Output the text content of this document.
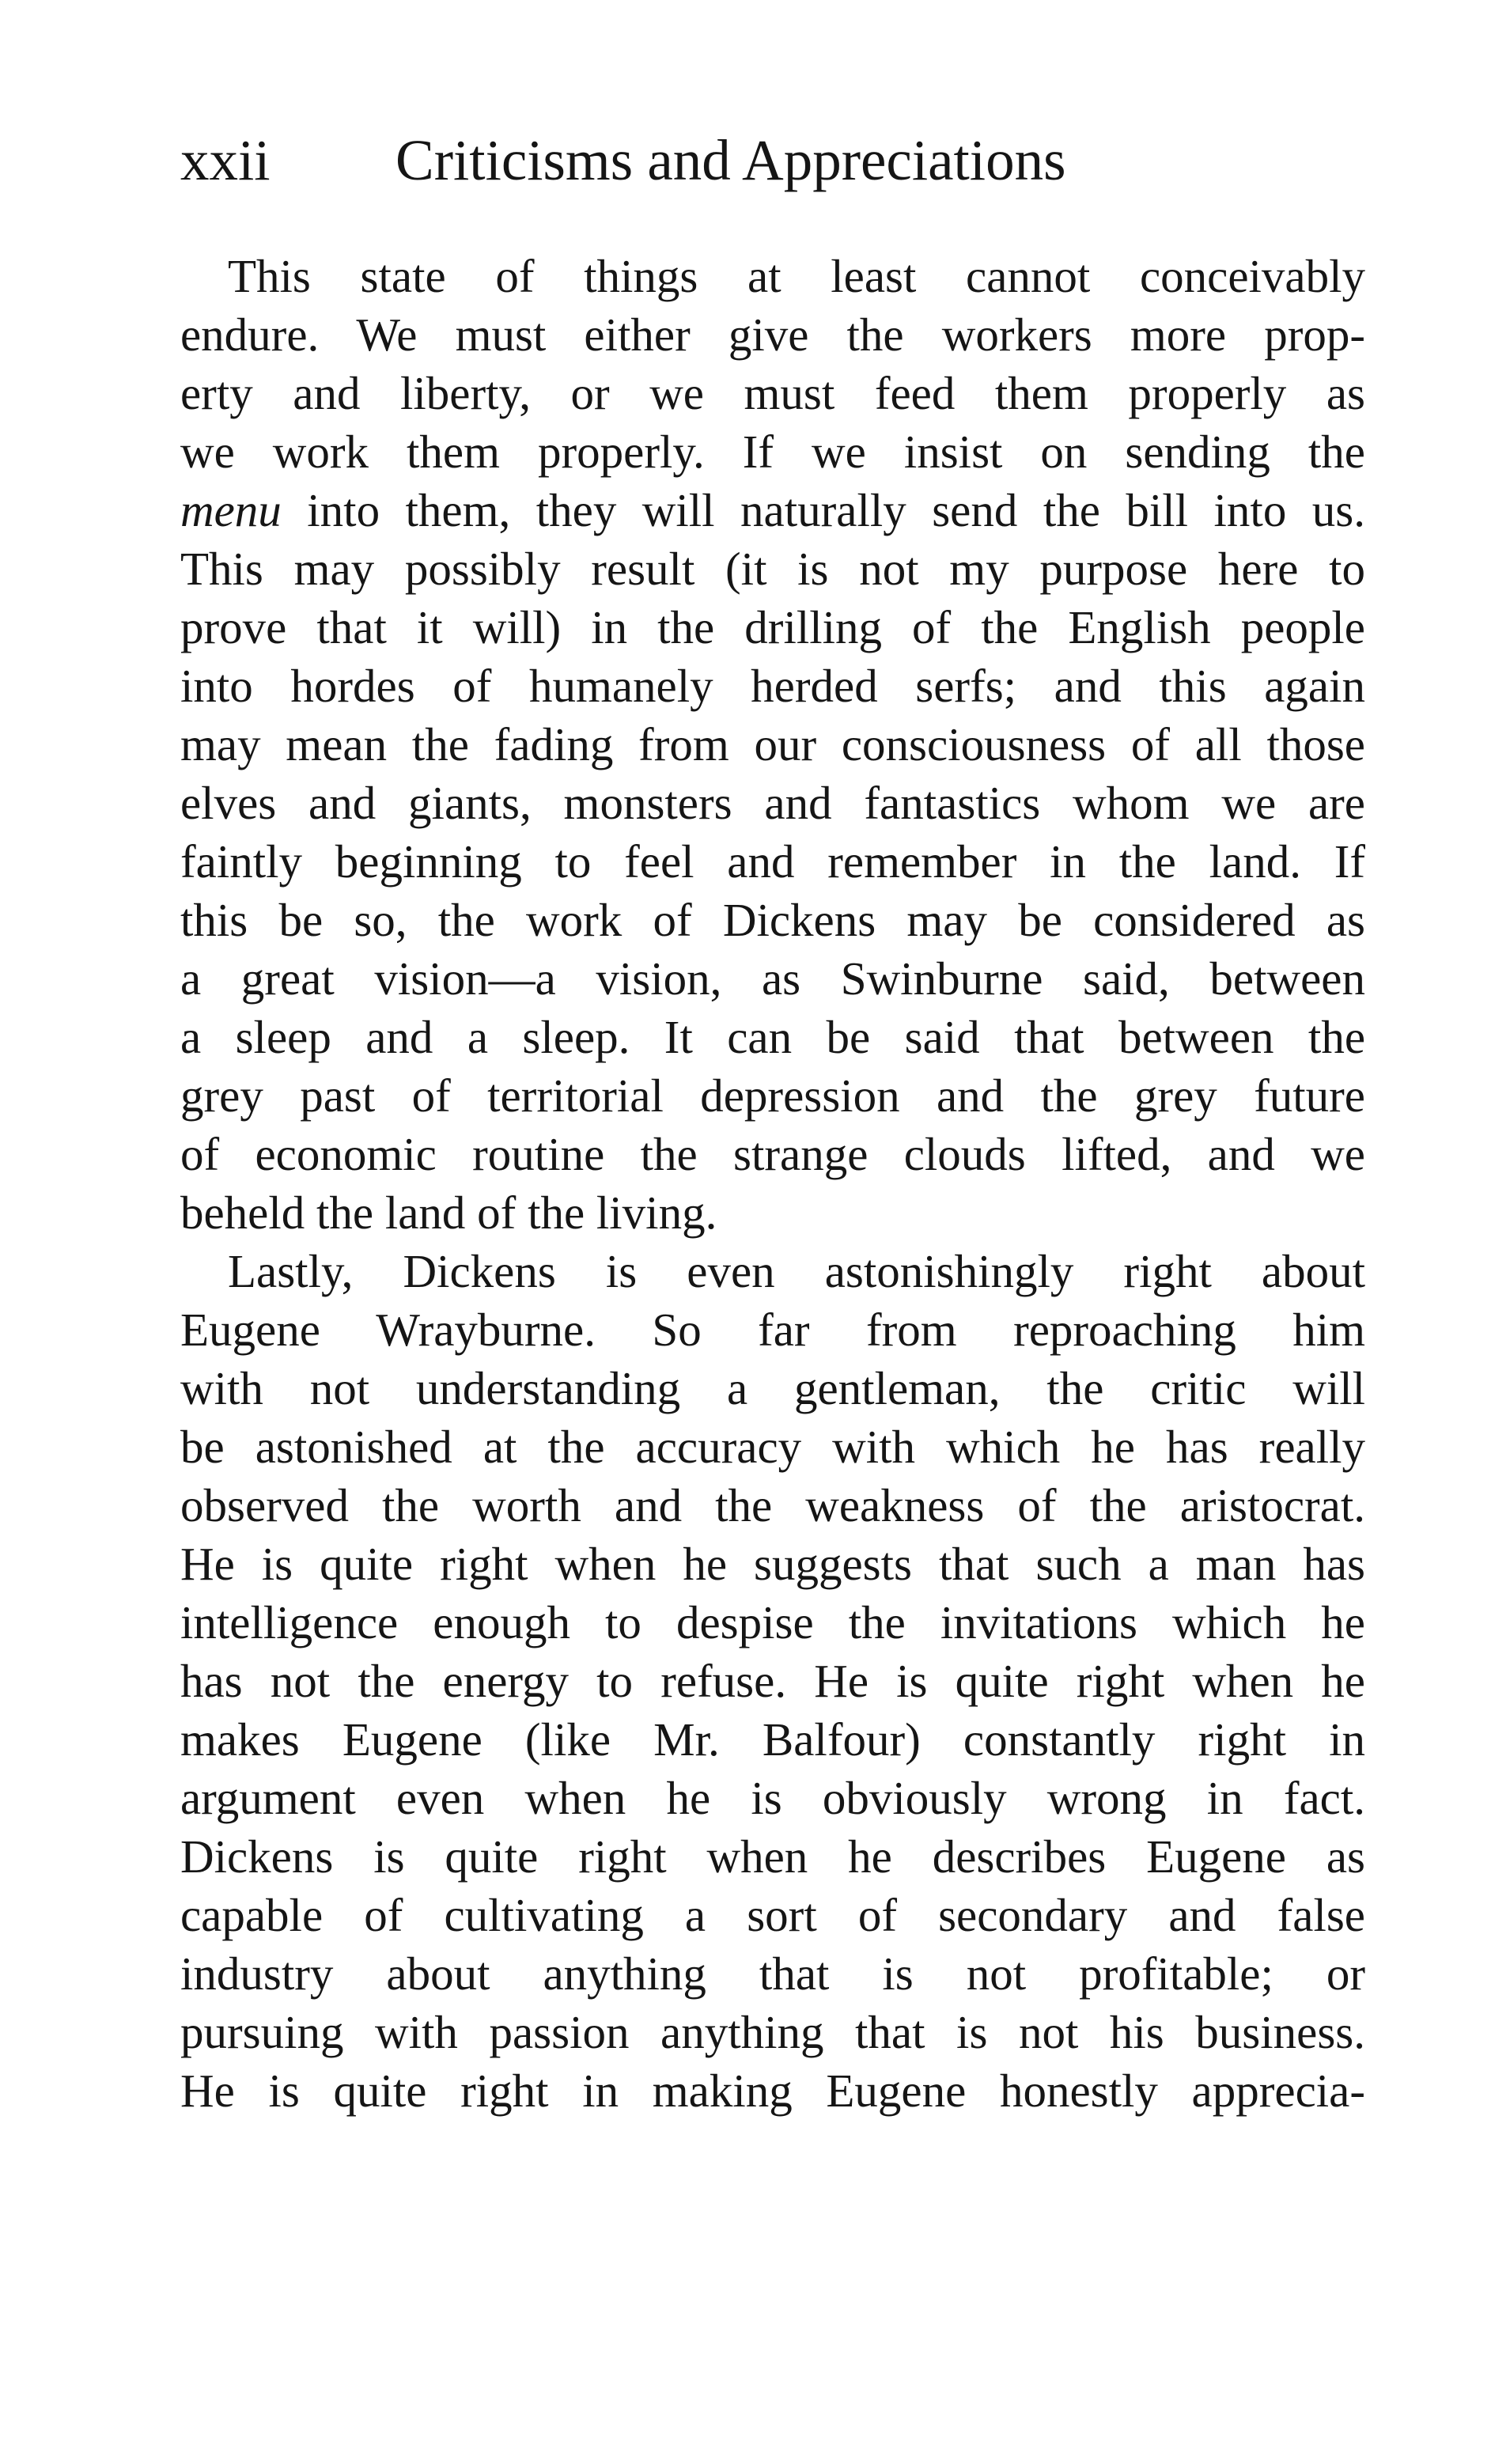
xxii Criticisms and Appreciations
This state of things at least cannot conceivably
endure. We must either give the workers more prop-
erty and liberty, or we must feed them properly as
we work them properly. If we insist on sending the
menu into them, they will naturally send the bill into us.
This may possibly result (it is not my purpose here to
prove that it will) in the drilling of the English people
into hordes of humanely herded serfs; and this again
may mean the fading from our consciousness of all those
elves and giants, monsters and fantastics whom we are
faintly beginning to feel and remember in the land. If
this be so, the work of Dickens may be considered as
a great vision—a vision, as Swinburne said, between
a sleep and a sleep. It can be said that between the
grey past of territorial depression and the grey future
of economic routine the strange clouds lifted, and we
beheld the land of the living.
Lastly, Dickens is even astonishingly right about
Eugene Wrayburne. So far from reproaching him
with not understanding a gentleman, the critic will
be astonished at the accuracy with which he has really
observed the worth and the weakness of the aristocrat.
He is quite right when he suggests that such a man has
intelligence enough to despise the invitations which he
has not the energy to refuse. He is quite right when he
makes Eugene (like Mr. Balfour) constantly right in
argument even when he is obviously wrong in fact.
Dickens is quite right when he describes Eugene as
capable of cultivating a sort of secondary and false
industry about anything that is not profitable; or
pursuing with passion anything that is not his business.
He is quite right in making Eugene honestly apprecia-
